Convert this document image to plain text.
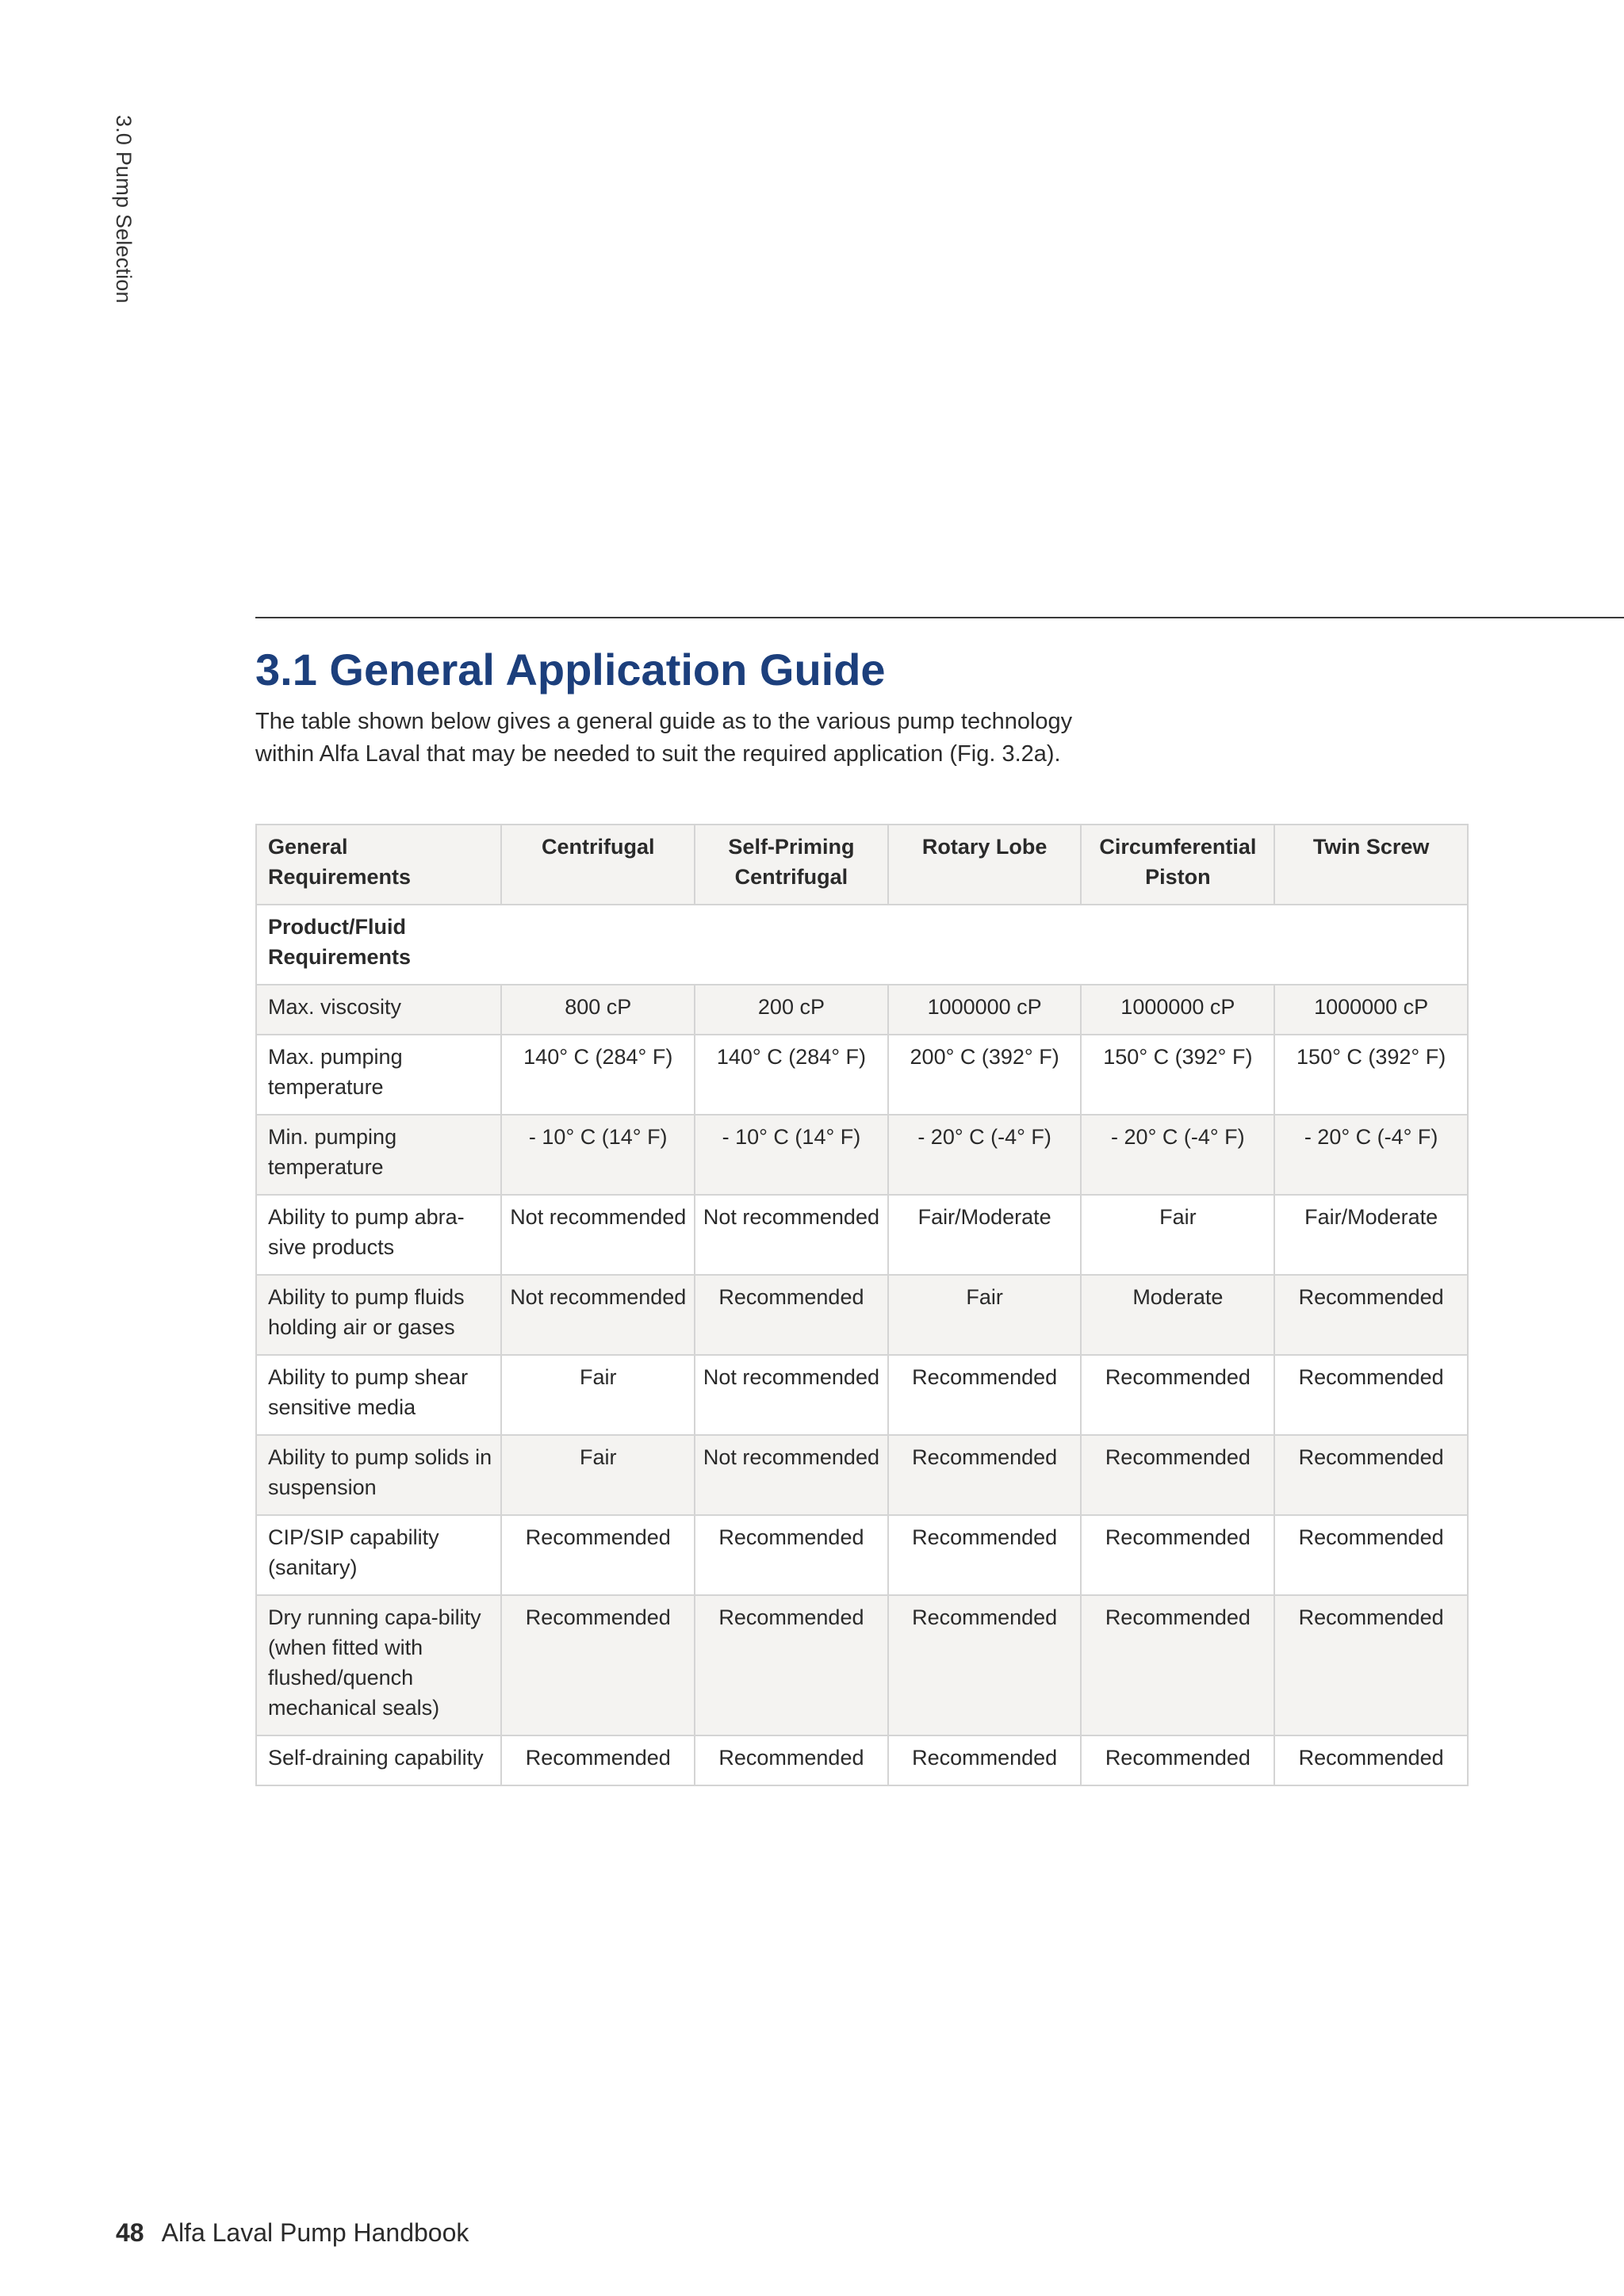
3.0 Pump Selection
3.1 General Application Guide

The table shown below gives a general guide as to the various pump technology
within Alfa Laval that may be needed to suit the required application (Fig. 3.2a).

General Requirements	Centrifugal	Self-Priming Centrifugal	Rotary Lobe	Circumferential Piston	Twin Screw

Product/Fluid Requirements					

Max. viscosity	800 cP	200 cP	1000000 cP	1000000 cP	1000000 cP
Max. pumping temperature	140° C (284° F)	140° C (284° F)	200° C (392° F)	150° C (392° F)	150° C (392° F)
Min. pumping temperature	- 10° C (14° F)	- 10° C (14° F)	- 20° C (-4° F)	- 20° C (-4° F)	- 20° C (-4° F)
Ability to pump abra-sive products	Not recommended	Not recommended	Fair/Moderate	Fair	Fair/Moderate
Ability to pump fluids holding air or gases	Not recommended	Recommended	Fair	Moderate	Recommended
Ability to pump shear sensitive media	Fair	Not recommended	Recommended	Recommended	Recommended
Ability to pump solids in suspension	Fair	Not recommended	Recommended	Recommended	Recommended
CIP/SIP capability (sanitary)	Recommended	Recommended	Recommended	Recommended	Recommended
Dry running capa-bility (when fitted with flushed/quench mechanical seals)	Recommended	Recommended	Recommended	Recommended	Recommended
Self-draining capability	Recommended	Recommended	Recommended	Recommended	Recommended
48 Alfa Laval Pump Handbook
